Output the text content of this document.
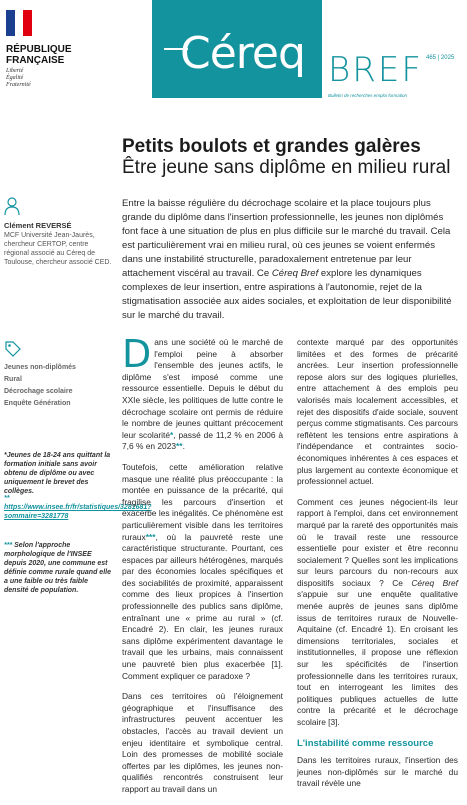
RÉPUBLIQUE
FRANÇAISE
Liberté
Égalité
Fraternité
Céreq BREF 465 | 2025
Bulletin de recherches emploi formation
Petits boulots et grandes galères
Être jeune sans diplôme en milieu rural
Clément REVERSÉ
MCF Université Jean-Jaurès, chercheur CERTOP, centre régional associé au Céreq de Toulouse, chercheur associé CED.
Jeunes non-diplômés
Rural
Décrochage scolaire
Enquête Génération
*Jeunes de 18-24 ans quittant la formation initiale sans avoir obtenu de diplôme ou avec uniquement le brevet des collèges.
** https://www.insee.fr/fr/statistiques/3281681?sommaire=3281778
*** Selon l'approche morphologique de l'INSEE depuis 2020, une commune est définie comme rurale quand elle a une faible ou très faible densité de population.
Entre la baisse régulière du décrochage scolaire et la place toujours plus grande du diplôme dans l'insertion professionnelle, les jeunes non diplômés font face à une situation de plus en plus difficile sur le marché du travail. Cela est particulièrement vrai en milieu rural, où ces jeunes se voient enfermés dans une instabilité structurelle, paradoxalement entretenue par leur attachement viscéral au travail. Ce Céreq Bref explore les dynamiques complexes de leur insertion, entre aspirations à l'autonomie, rejet de la stigmatisation associée aux aides sociales, et exploitation de leur disponibilité sur le marché du travail.

Dans une société où le marché de l'emploi peine à absorber l'ensemble des jeunes actifs, le diplôme s'est imposé comme une ressource essentielle. Depuis le début du XXIe siècle, les politiques de lutte contre le décrochage scolaire ont permis de réduire le nombre de jeunes quittant précocement leur scolarité*, passé de 11,2 % en 2006 à 7,6 % en 2023**.

Toutefois, cette amélioration relative masque une réalité plus préoccupante : la montée en puissance de la précarité, qui fragilise les parcours d'insertion et exacerbe les inégalités. Ce phénomène est particulièrement visible dans les territoires ruraux***, où la pauvreté reste une caractéristique structurante. Pourtant, ces espaces par ailleurs hétérogènes, marqués par des économies locales spécifiques et des sociabilités de proximité, apparaissent comme des lieux propices à l'insertion professionnelle des publics sans diplôme, entraînant une « prime au rural » (cf. Encadré 2). En clair, les jeunes ruraux sans diplôme expérimentent davantage le travail que les urbains, mais connaissent une pauvreté bien plus exacerbée [1]. Comment expliquer ce paradoxe ?

Dans ces territoires où l'éloignement géographique et l'insuffisance des infrastructures peuvent accentuer les obstacles, l'accès au travail devient un enjeu identitaire et symbolique central. Loin des promesses de mobilité sociale offertes par les diplômes, les jeunes non-qualifiés rencontrés construisent leur rapport au travail dans un

contexte marqué par des opportunités limitées et des formes de précarité ancrées. Leur insertion professionnelle repose alors sur des logiques plurielles, entre attachement à des emplois peu valorisés mais localement accessibles, et rejet des dispositifs d'aide sociale, souvent perçus comme stigmatisants. Ces parcours reflètent les tensions entre aspirations à l'indépendance et contraintes socio-économiques inhérentes à ces espaces et plus largement au contexte économique et professionnel actuel.

Comment ces jeunes négocient-ils leur rapport à l'emploi, dans cet environnement marqué par la rareté des opportunités mais où le travail reste une ressource essentielle pour exister et être reconnu socialement ? Quelles sont les implications sur leurs parcours du non-recours aux dispositifs sociaux ? Ce Céreq Bref s'appuie sur une enquête qualitative menée auprès de jeunes sans diplôme issus de territoires ruraux de Nouvelle-Aquitaine (cf. Encadré 1). En croisant les dimensions territoriales, sociales et institutionnelles, il propose une réflexion sur les spécificités de l'insertion professionnelle dans les territoires ruraux, tout en interrogeant les limites des politiques publiques actuelles de lutte contre la précarité et le décrochage scolaire [3].

L'instabilité comme ressource

Dans les territoires ruraux, l'insertion des jeunes non-diplômés sur le marché du travail révèle une
